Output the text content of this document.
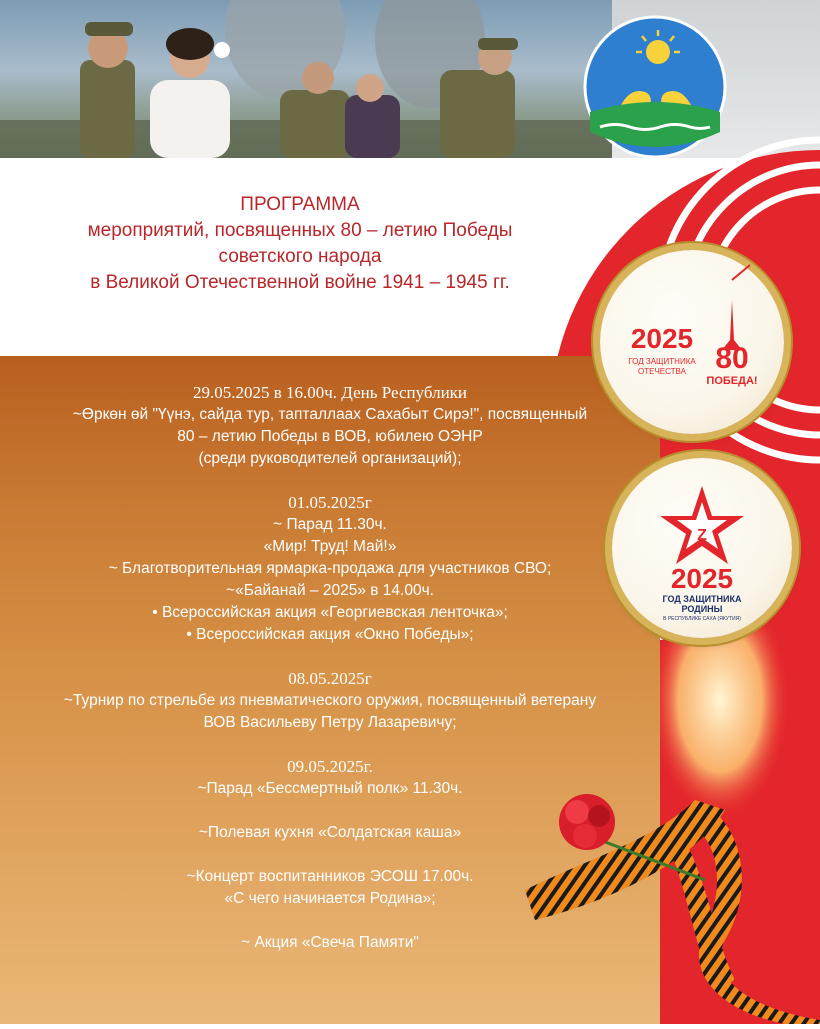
ПРОГРАММА
мероприятий, посвященных 80 – летию Победы
советского народа
в Великой Отечественной войне 1941 – 1945 гг.
2025
ГОД ЗАЩИТНИКА
ОТЕЧЕСТВА 80
ПОБЕДА!
Z
2025
ГОД ЗАЩИТНИКА
РОДИНЫ
В РЕСПУБЛИКЕ САХА (ЯКУТИЯ)

29.05.2025 в 16.00ч. День Республики

~Өркөн өй "Үүнэ, сайда тур, тапталлаах Сахабыт Сирэ!", посвященный

80 – летию Победы в ВОВ, юбилею ОЭНР

(среди руководителей организаций);

01.05.2025г

~ Парад 11.30ч.

«Мир! Труд! Май!»

~ Благотворительная ярмарка-продажа для участников СВО;

~«Байанай – 2025» в 14.00ч.

• Всероссийская акция «Георгиевская ленточка»;

• Всероссийская акция «Окно Победы»;

08.05.2025г

~Турнир по стрельбе из пневматического оружия, посвященный ветерану

ВОВ Васильеву Петру Лазаревичу;

09.05.2025г.

~Парад «Бессмертный полк» 11.30ч.

~Полевая кухня «Солдатская каша»

~Концерт воспитанников ЭСОШ 17.00ч.

«С чего начинается Родина»;

~ Акция «Свеча Памяти"
